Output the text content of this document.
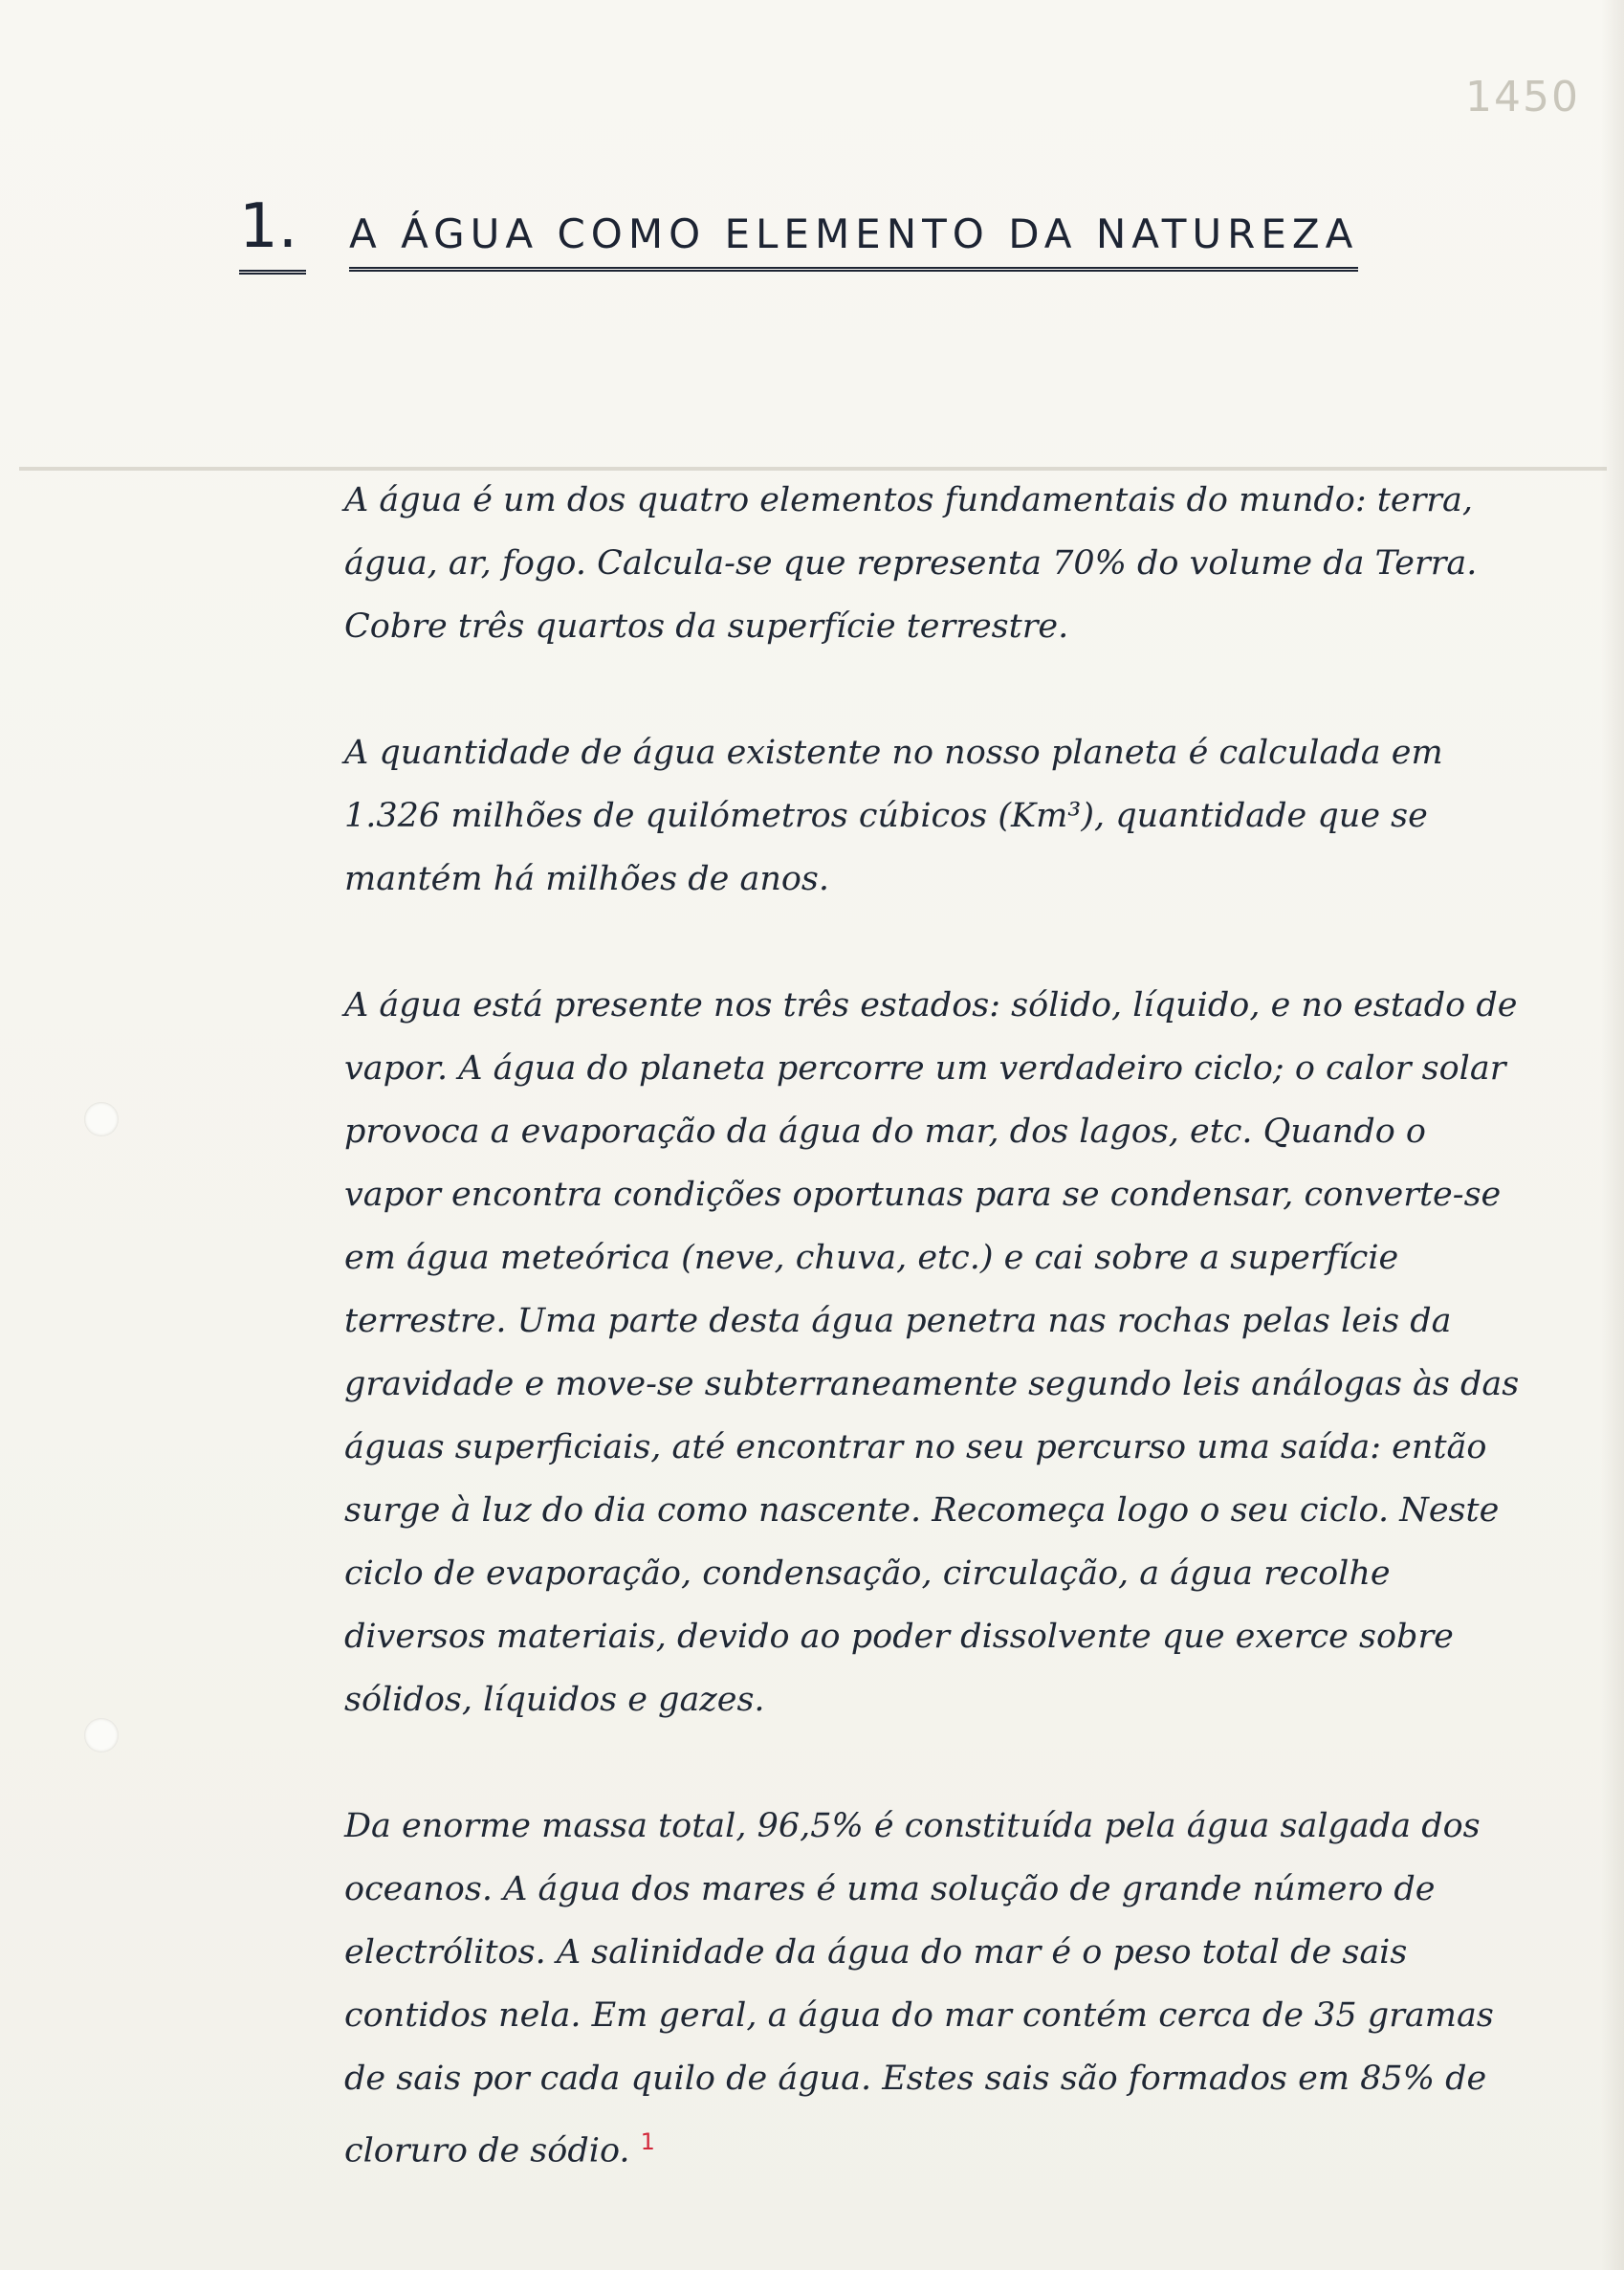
1450
1. A ÁGUA COMO ELEMENTO DA NATUREZA

A água é um dos quatro elementos fundamentais do mundo: terra, água, ar, fogo. Calcula-se que representa 70% do volume da Terra. Cobre três quartos da superfície terrestre.

A quantidade de água existente no nosso planeta é calculada em 1.326 milhões de quilómetros cúbicos (Km³), quantidade que se mantém há milhões de anos.

A água está presente nos três estados: sólido, líquido, e no estado de vapor. A água do planeta percorre um verdadeiro ciclo; o calor solar provoca a evaporação da água do mar, dos lagos, etc. Quando o vapor encontra condições oportunas para se condensar, converte-se em água meteórica (neve, chuva, etc.) e cai sobre a superfície terrestre. Uma parte desta água penetra nas rochas pelas leis da gravidade e move-se subterraneamente segundo leis análogas às das águas superficiais, até encontrar no seu percurso uma saída: então surge à luz do dia como nascente. Recomeça logo o seu ciclo. Neste ciclo de evaporação, condensação, circulação, a água recolhe diversos materiais, devido ao poder dissolvente que exerce sobre sólidos, líquidos e gazes.

Da enorme massa total, 96,5% é constituída pela água salgada dos oceanos. A água dos mares é uma solução de grande número de electrólitos. A salinidade da água do mar é o peso total de sais contidos nela. Em geral, a água do mar contém cerca de 35 gramas de sais por cada quilo de água. Estes sais são formados em 85% de cloruro de sódio. $^1$
